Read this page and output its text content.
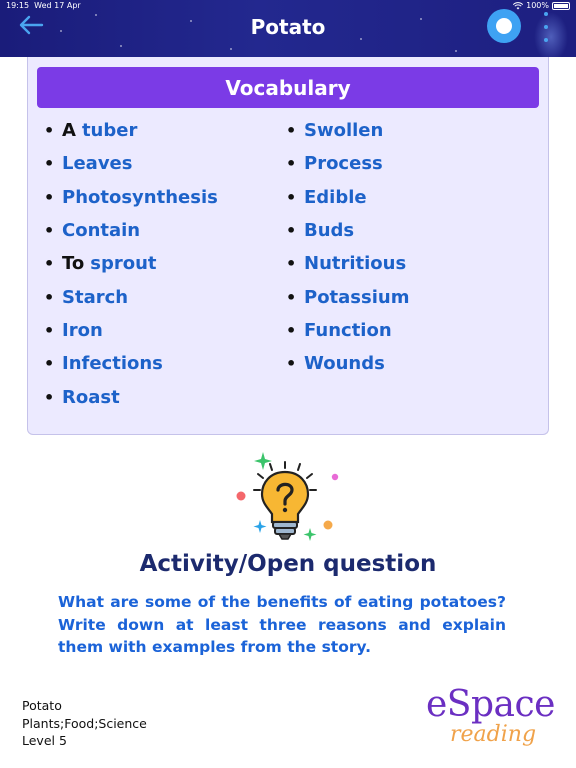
19:15 Wed 17 Apr	100%
Potato
Vocabulary
• A tuber
• Leaves
• Photosynthesis
• Contain
• To sprout
• Starch
• Iron
• Infections
• Roast
• Swollen
• Process
• Edible
• Buds
• Nutritious
• Potassium
• Function
• Wounds
Activity/Open question
What are some of the benefits of eating potatoes? Write down at least three reasons and explain them with examples from the story.
Potato
Plants;Food;Science
Level 5
eSpace
reading
